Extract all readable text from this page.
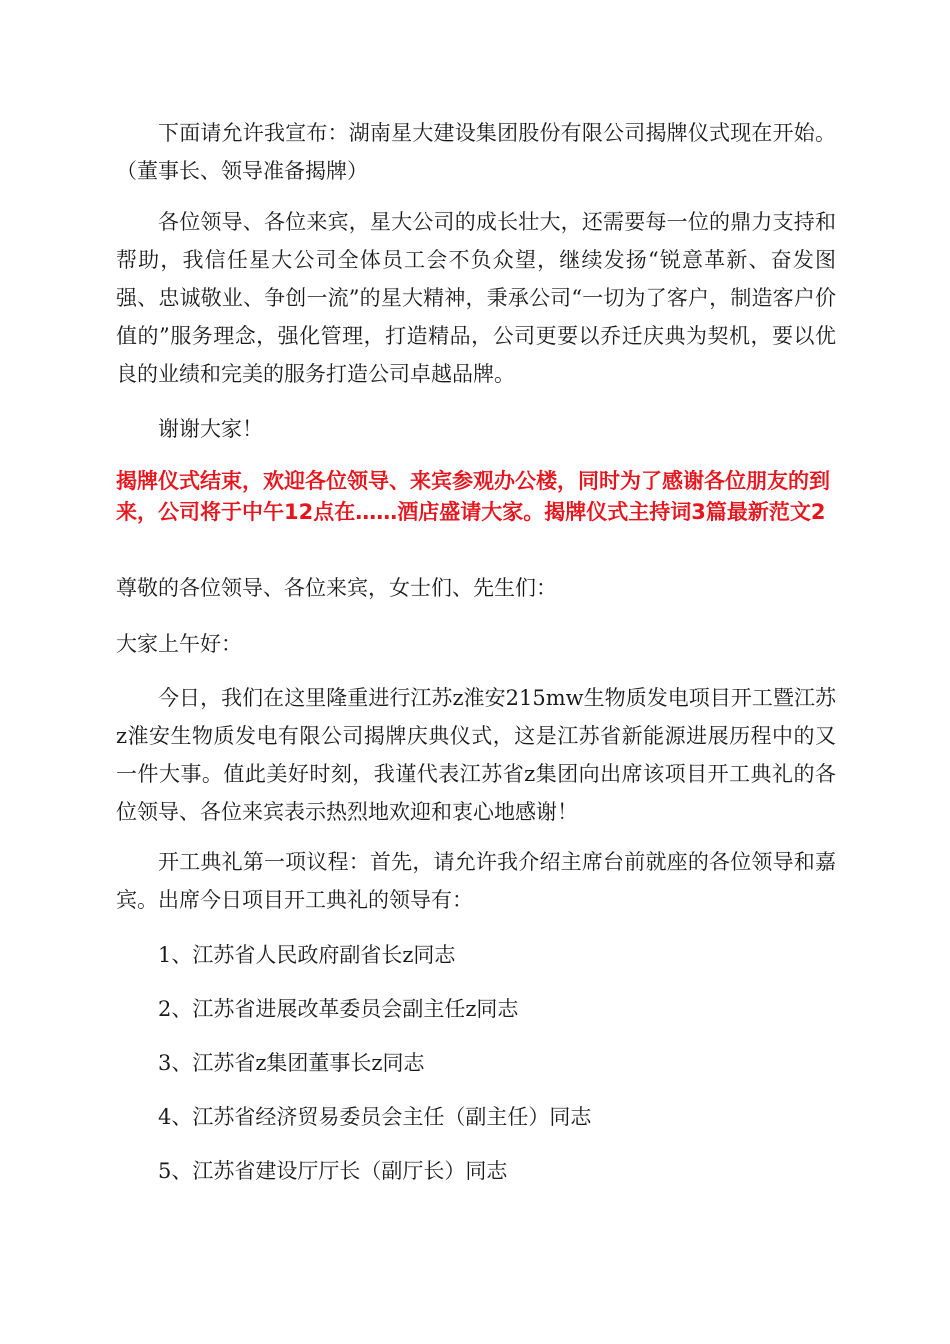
下面请允许我宣布：湖南星大建设集团股份有限公司揭牌仪式现在开始。（董事长、领导准备揭牌）

各位领导、各位来宾，星大公司的成长壮大，还需要每一位的鼎力支持和帮助，我信任星大公司全体员工会不负众望，继续发扬“锐意革新、奋发图强、忠诚敬业、争创一流”的星大精神，秉承公司“一切为了客户，制造客户价值的”服务理念，强化管理，打造精品，公司更要以乔迁庆典为契机，要以优良的业绩和完美的服务打造公司卓越品牌。

谢谢大家！

揭牌仪式结束，欢迎各位领导、来宾参观办公楼，同时为了感谢各位朋友的到来，公司将于中午12点在……酒店盛请大家。揭牌仪式主持词3篇最新范文2

尊敬的各位领导、各位来宾，女士们、先生们：

大家上午好：

今日，我们在这里隆重进行江苏z淮安215mw生物质发电项目开工暨江苏z淮安生物质发电有限公司揭牌庆典仪式，这是江苏省新能源进展历程中的又一件大事。值此美好时刻，我谨代表江苏省z集团向出席该项目开工典礼的各位领导、各位来宾表示热烈地欢迎和衷心地感谢！

开工典礼第一项议程：首先，请允许我介绍主席台前就座的各位领导和嘉宾。出席今日项目开工典礼的领导有：

1、江苏省人民政府副省长z同志

2、江苏省进展改革委员会副主任z同志

3、江苏省z集团董事长z同志

4、江苏省经济贸易委员会主任（副主任）同志

5、江苏省建设厅厅长（副厅长）同志
